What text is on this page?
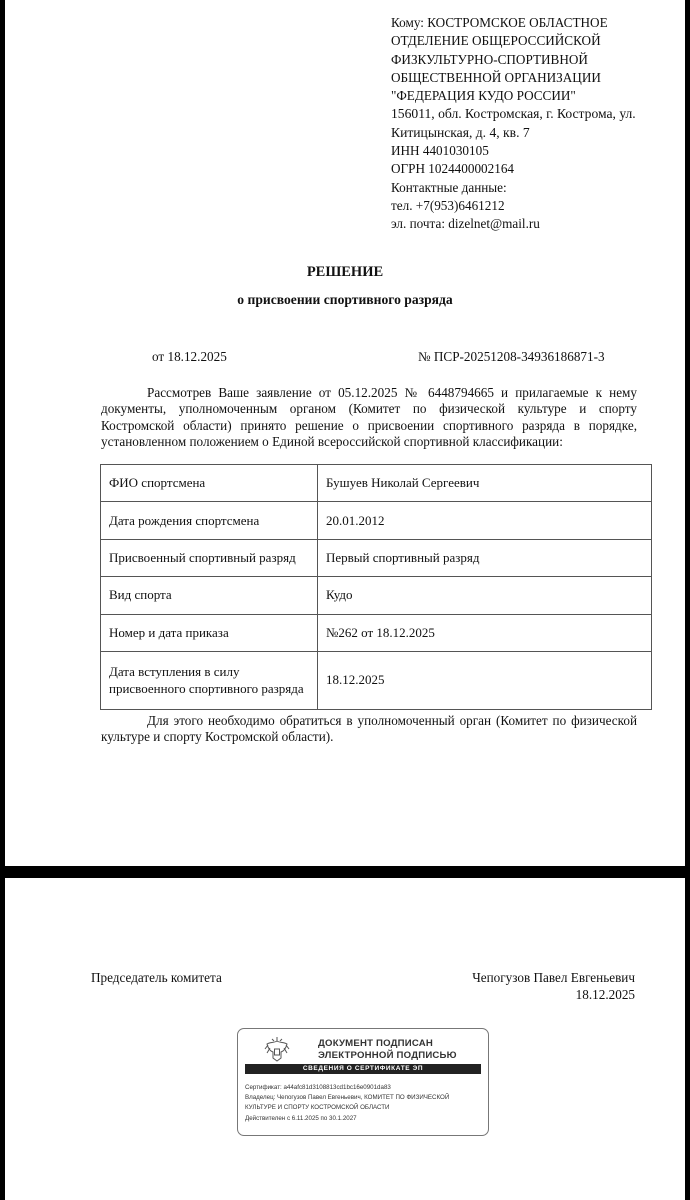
Кому: КОСТРОМСКОЕ ОБЛАСТНОЕ
ОТДЕЛЕНИЕ ОБЩЕРОССИЙСКОЙ
ФИЗКУЛЬТУРНО-СПОРТИВНОЙ
ОБЩЕСТВЕННОЙ ОРГАНИЗАЦИИ
"ФЕДЕРАЦИЯ КУДО РОССИИ"
156011, обл. Костромская, г. Кострома, ул. Китицынская, д. 4, кв. 7
ИНН 4401030105
ОГРН 1024400002164
Контактные данные:
тел. +7(953)6461212
эл. почта: dizelnet@mail.ru
РЕШЕНИЕ
о присвоении спортивного разряда
от 18.12.2025	№ ПСР-20251208-34936186871-3
Рассмотрев Ваше заявление от 05.12.2025 № 6448794665 и прилагаемые к нему документы, уполномоченным органом (Комитет по физической культуре и спорту Костромской области) принято решение о присвоении спортивного разряда в порядке, установленном положением о Единой всероссийской спортивной классификации:
ФИО спортсмена	Бушуев Николай Сергеевич
Дата рождения спортсмена	20.01.2012
Присвоенный спортивный разряд	Первый спортивный разряд
Вид спорта	Кудо
Номер и дата приказа	№262 от 18.12.2025
Дата вступления в силу присвоенного спортивного разряда	18.12.2025
Для этого необходимо обратиться в уполномоченный орган (Комитет по физической культуре и спорту Костромской области).
Председатель комитета	Чепогузов Павел Евгеньевич
18.12.2025
ДОКУМЕНТ ПОДПИСАН
ЭЛЕКТРОННОЙ ПОДПИСЬЮ
СВЕДЕНИЯ О СЕРТИФИКАТЕ ЭП
Сертификат: a44afc81d3108813cd1bc16e0901da83
Владелец: Чепогузов Павел Евгеньевич, КОМИТЕТ ПО ФИЗИЧЕСКОЙ
КУЛЬТУРЕ И СПОРТУ КОСТРОМСКОЙ ОБЛАСТИ
Действителен с 6.11.2025 по 30.1.2027
